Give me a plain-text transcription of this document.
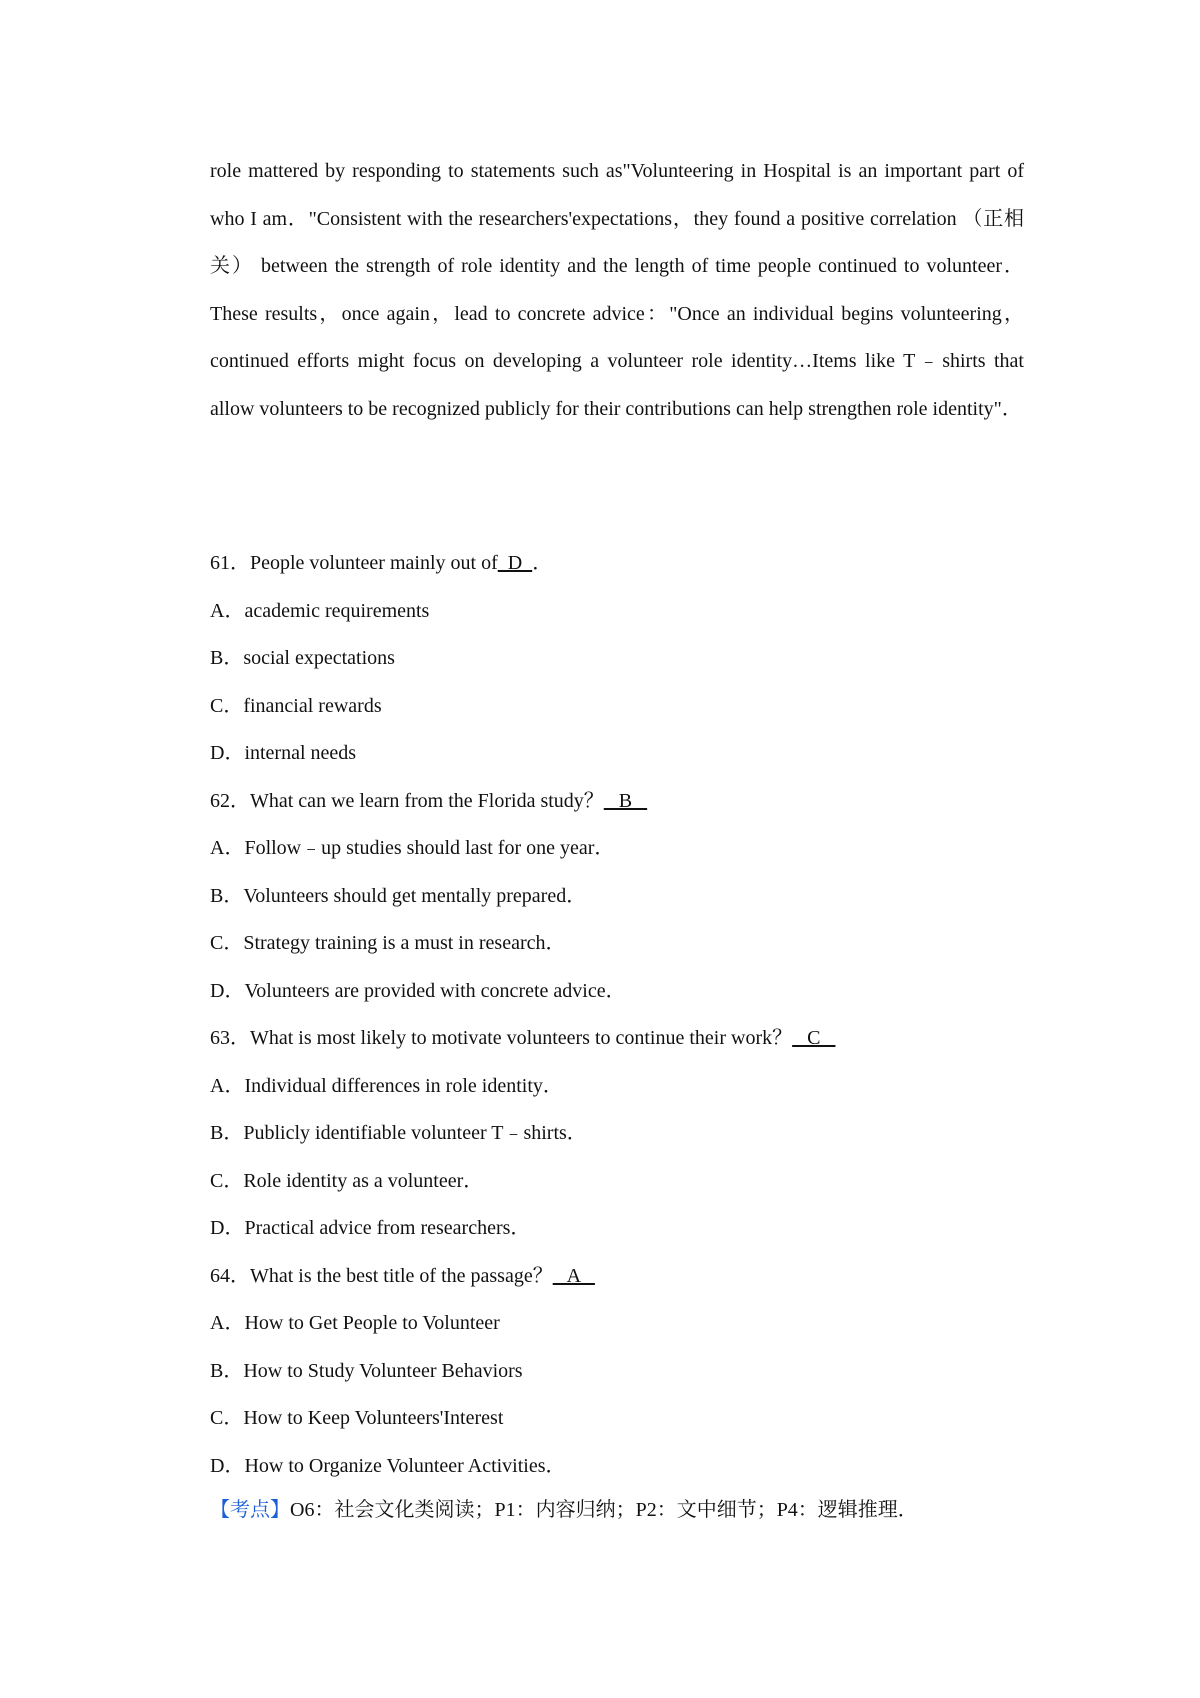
role mattered by responding to statements such as"Volunteering in Hospital is an important part of who I am．"Consistent with the researchers'expectations，they found a positive correlation （正相关） between the strength of role identity and the length of time people continued to volunteer．These results，once again，lead to concrete advice："Once an individual begins volunteering，continued efforts might focus on developing a volunteer role identity…Items like T﹣shirts that allow volunteers to be recognized publicly for their contributions can help strengthen role identity"．

61．People volunteer mainly out of  D  ．
A．academic requirements
B．social expectations
C．financial rewards
D．internal needs
62．What can we learn from the Florida study？   B
A．Follow﹣up studies should last for one year．
B．Volunteers should get mentally prepared．
C．Strategy training is a must in research．
D．Volunteers are provided with concrete advice．
63．What is most likely to motivate volunteers to continue their work？   C
A．Individual differences in role identity．
B．Publicly identifiable volunteer T﹣shirts．
C．Role identity as a volunteer．
D．Practical advice from researchers．
64．What is the best title of the passage？   A
A．How to Get People to Volunteer
B．How to Study Volunteer Behaviors
C．How to Keep Volunteers'Interest
D．How to Organize Volunteer Activities．
【考点】O6：社会文化类阅读；P1：内容归纳；P2：文中细节；P4：逻辑推理．
